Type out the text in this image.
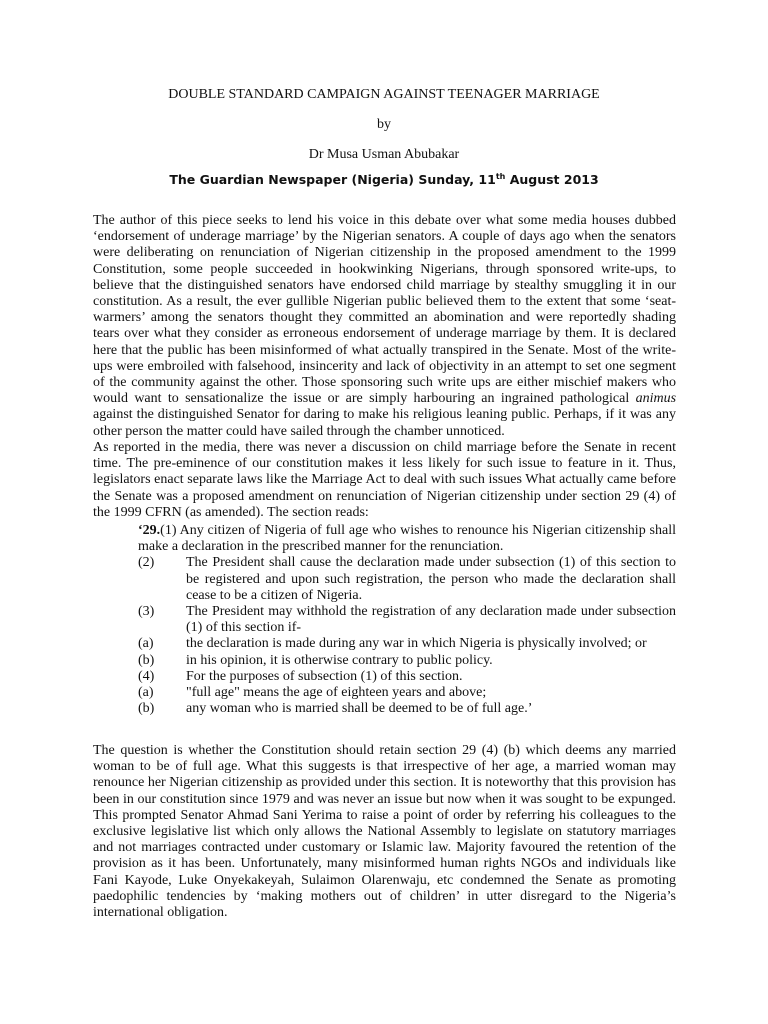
DOUBLE STANDARD CAMPAIGN AGAINST TEENAGER MARRIAGE
by
Dr Musa Usman Abubakar
The Guardian Newspaper (Nigeria) Sunday, 11th August 2013

The author of this piece seeks to lend his voice in this debate over what some media houses dubbed ‘endorsement of underage marriage’ by the Nigerian senators. A couple of days ago when the senators were deliberating on renunciation of Nigerian citizenship in the proposed amendment to the 1999 Constitution, some people succeeded in hookwinking Nigerians, through sponsored write-ups, to believe that the distinguished senators have endorsed child marriage by stealthy smuggling it in our constitution. As a result, the ever gullible Nigerian public believed them to the extent that some ‘seat-warmers’ among the senators thought they committed an abomination and were reportedly shading tears over what they consider as erroneous endorsement of underage marriage by them. It is declared here that the public has been misinformed of what actually transpired in the Senate. Most of the write-ups were embroiled with falsehood, insincerity and lack of objectivity in an attempt to set one segment of the community against the other. Those sponsoring such write ups are either mischief makers who would want to sensationalize the issue or are simply harbouring an ingrained pathological animus against the distinguished Senator for daring to make his religious leaning public. Perhaps, if it was any other person the matter could have sailed through the chamber unnoticed.

As reported in the media, there was never a discussion on child marriage before the Senate in recent time. The pre-eminence of our constitution makes it less likely for such issue to feature in it. Thus, legislators enact separate laws like the Marriage Act to deal with such issues What actually came before the Senate was a proposed amendment on renunciation of Nigerian citizenship under section 29 (4) of the 1999 CFRN (as amended). The section reads:

‘29.(1) Any citizen of Nigeria of full age who wishes to renounce his Nigerian citizenship shall make a declaration in the prescribed manner for the renunciation.
(2)	The President shall cause the declaration made under subsection (1) of this section to be registered and upon such registration, the person who made the declaration shall cease to be a citizen of Nigeria.
(3)	The President may withhold the registration of any declaration made under subsection (1) of this section if-
(a)	the declaration is made during any war in which Nigeria is physically involved; or
(b)	in his opinion, it is otherwise contrary to public policy.
(4)	For the purposes of subsection (1) of this section.
(a)	"full age" means the age of eighteen years and above;
(b)	any woman who is married shall be deemed to be of full age.’

The question is whether the Constitution should retain section 29 (4) (b) which deems any married woman to be of full age. What this suggests is that irrespective of her age, a married woman may renounce her Nigerian citizenship as provided under this section. It is noteworthy that this provision has been in our constitution since 1979 and was never an issue but now when it was sought to be expunged. This prompted Senator Ahmad Sani Yerima to raise a point of order by referring his colleagues to the exclusive legislative list which only allows the National Assembly to legislate on statutory marriages and not marriages contracted under customary or Islamic law. Majority favoured the retention of the provision as it has been. Unfortunately, many misinformed human rights NGOs and individuals like Fani Kayode, Luke Onyekakeyah, Sulaimon Olarenwaju, etc condemned the Senate as promoting paedophilic tendencies by ‘making mothers out of children’ in utter disregard to the Nigeria’s international obligation.
